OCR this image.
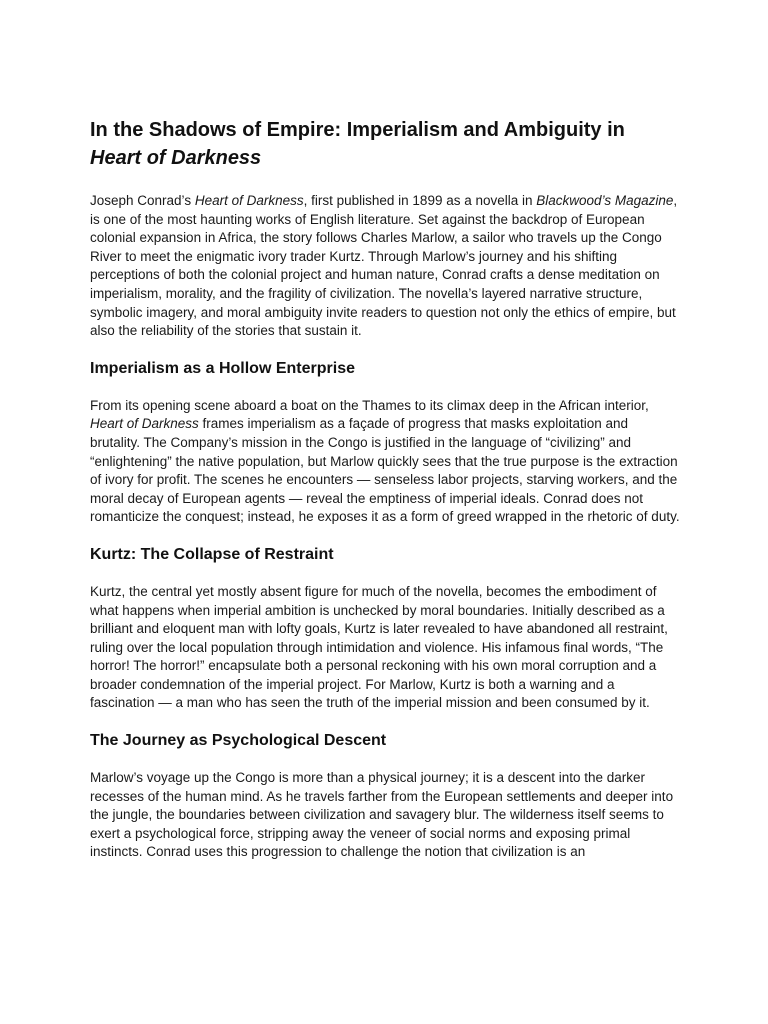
In the Shadows of Empire: Imperialism and Ambiguity in
Heart of Darkness

Joseph Conrad’s Heart of Darkness, first published in 1899 as a novella in Blackwood’s Magazine, is one of the most haunting works of English literature. Set against the backdrop of European colonial expansion in Africa, the story follows Charles Marlow, a sailor who travels up the Congo River to meet the enigmatic ivory trader Kurtz. Through Marlow’s journey and his shifting perceptions of both the colonial project and human nature, Conrad crafts a dense meditation on imperialism, morality, and the fragility of civilization. The novella’s layered narrative structure, symbolic imagery, and moral ambiguity invite readers to question not only the ethics of empire, but also the reliability of the stories that sustain it.

Imperialism as a Hollow Enterprise

From its opening scene aboard a boat on the Thames to its climax deep in the African interior, Heart of Darkness frames imperialism as a façade of progress that masks exploitation and brutality. The Company’s mission in the Congo is justified in the language of “civilizing” and “enlightening” the native population, but Marlow quickly sees that the true purpose is the extraction of ivory for profit. The scenes he encounters — senseless labor projects, starving workers, and the moral decay of European agents — reveal the emptiness of imperial ideals. Conrad does not romanticize the conquest; instead, he exposes it as a form of greed wrapped in the rhetoric of duty.

Kurtz: The Collapse of Restraint

Kurtz, the central yet mostly absent figure for much of the novella, becomes the embodiment of what happens when imperial ambition is unchecked by moral boundaries. Initially described as a brilliant and eloquent man with lofty goals, Kurtz is later revealed to have abandoned all restraint, ruling over the local population through intimidation and violence. His infamous final words, “The horror! The horror!” encapsulate both a personal reckoning with his own moral corruption and a broader condemnation of the imperial project. For Marlow, Kurtz is both a warning and a fascination — a man who has seen the truth of the imperial mission and been consumed by it.

The Journey as Psychological Descent

Marlow’s voyage up the Congo is more than a physical journey; it is a descent into the darker recesses of the human mind. As he travels farther from the European settlements and deeper into the jungle, the boundaries between civilization and savagery blur. The wilderness itself seems to exert a psychological force, stripping away the veneer of social norms and exposing primal instincts. Conrad uses this progression to challenge the notion that civilization is an
